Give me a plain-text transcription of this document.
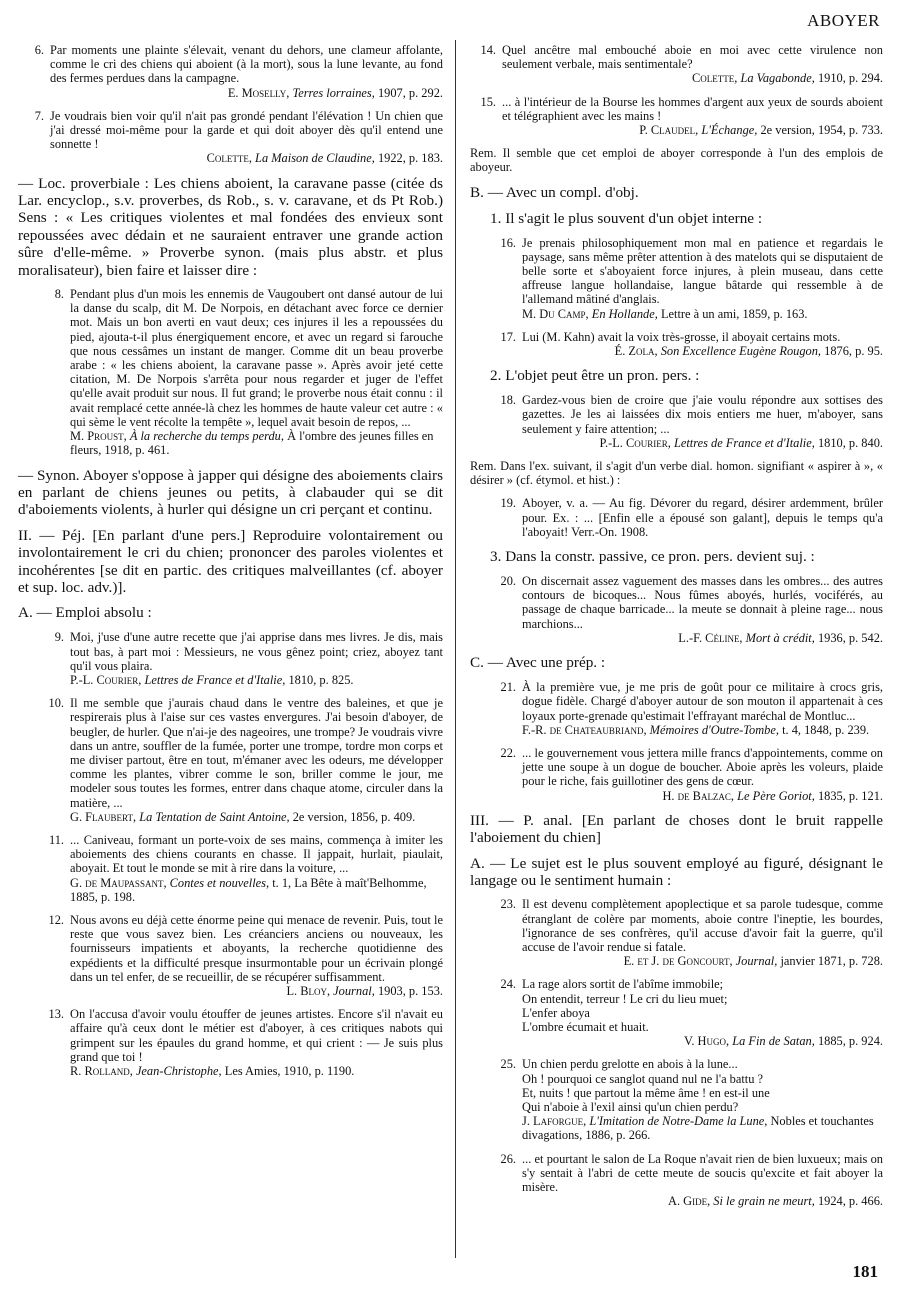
ABOYER
6. Par moments une plainte s'élevait, venant du dehors, une clameur affolante, comme le cri des chiens qui aboient (à la mort), sous la lune levante, au fond des fermes perdues dans la campagne.
E. Moselly, Terres lorraines, 1907, p. 292.
7. Je voudrais bien voir qu'il n'ait pas grondé pendant l'élévation ! Un chien que j'ai dressé moi-même pour la garde et qui doit aboyer dès qu'il entend une sonnette !
Colette, La Maison de Claudine, 1922, p. 183.

— Loc. proverbiale : Les chiens aboient, la caravane passe (citée ds Lar. encyclop., s.v. proverbes, ds Rob., s. v. caravane, et ds Pt Rob.) Sens : « Les critiques violentes et mal fondées des envieux sont repoussées avec dédain et ne sauraient entraver une grande action sûre d'elle-même. » Proverbe synon. (mais plus abstr. et plus moralisateur), bien faire et laisser dire :

8. Pendant plus d'un mois les ennemis de Vaugoubert ont dansé autour de lui la danse du scalp, dit M. De Norpois, en détachant avec force ce dernier mot. Mais un bon averti en vaut deux; ces injures il les a repoussées du pied, ajouta-t-il plus énergiquement encore, et avec un regard si farouche que nous cessâmes un instant de manger. Comme dit un beau proverbe arabe : « les chiens aboient, la caravane passe ». Après avoir jeté cette citation, M. De Norpois s'arrêta pour nous regarder et juger de l'effet qu'elle avait produit sur nous. Il fut grand; le proverbe nous était connu : il avait remplacé cette année-là chez les hommes de haute valeur cet autre : « qui sème le vent récolte la tempête », lequel avait besoin de repos, ...
M. Proust, À la recherche du temps perdu, À l'ombre des jeunes filles en fleurs, 1918, p. 461.

— Synon. Aboyer s'oppose à japper qui désigne des aboiements clairs en parlant de chiens jeunes ou petits, à clabauder qui se dit d'aboiements violents, à hurler qui désigne un cri perçant et continu.

II. — Péj. [En parlant d'une pers.] Reproduire volontairement ou involontairement le cri du chien; prononcer des paroles violentes et incohérentes [se dit en partic. des critiques malveillantes (cf. aboyer et sup. loc. adv.)].

A. — Emploi absolu :

9. Moi, j'use d'une autre recette que j'ai apprise dans mes livres. Je dis, mais tout bas, à part moi : Messieurs, ne vous gênez point; criez, aboyez tant qu'il vous plaira.
P.-L. Courier, Lettres de France et d'Italie, 1810, p. 825.
10. Il me semble que j'aurais chaud dans le ventre des baleines, et que je respirerais plus à l'aise sur ces vastes envergures. J'ai besoin d'aboyer, de beugler, de hurler. Que n'ai-je des nageoires, une trompe? Je voudrais vivre dans un antre, souffler de la fumée, porter une trompe, tordre mon corps et me diviser partout, être en tout, m'émaner avec les odeurs, me développer comme les plantes, vibrer comme le son, briller comme le jour, me modeler sous toutes les formes, entrer dans chaque atome, circuler dans la matière, ...
G. Flaubert, La Tentation de Saint Antoine, 2e version, 1856, p. 409.
11. ... Caniveau, formant un porte-voix de ses mains, commença à imiter les aboiements des chiens courants en chasse. Il jappait, hurlait, piaulait, aboyait. Et tout le monde se mit à rire dans la voiture, ...
G. de Maupassant, Contes et nouvelles, t. 1, La Bête à maît'Belhomme, 1885, p. 198.
12. Nous avons eu déjà cette énorme peine qui menace de revenir. Puis, tout le reste que vous savez bien. Les créanciers anciens ou nouveaux, les fournisseurs impatients et aboyants, la recherche quotidienne des expédients et la difficulté presque insurmontable pour un écrivain plongé dans un tel enfer, de se recueillir, de se récupérer suffisamment.
L. Bloy, Journal, 1903, p. 153.
13. On l'accusa d'avoir voulu étouffer de jeunes artistes. Encore s'il n'avait eu affaire qu'à ceux dont le métier est d'aboyer, à ces critiques nabots qui grimpent sur les épaules du grand homme, et qui crient : — Je suis plus grand que toi !
R. Rolland, Jean-Christophe, Les Amies, 1910, p. 1190.
14. Quel ancêtre mal embouché aboie en moi avec cette virulence non seulement verbale, mais sentimentale?
Colette, La Vagabonde, 1910, p. 294.
15. ... à l'intérieur de la Bourse les hommes d'argent aux yeux de sourds aboient et télégraphient avec les mains !
P. Claudel, L'Échange, 2e version, 1954, p. 733.

Rem. Il semble que cet emploi de aboyer corresponde à l'un des emplois de aboyeur.

B. — Avec un compl. d'obj.

1. Il s'agit le plus souvent d'un objet interne :

16. Je prenais philosophiquement mon mal en patience et regardais le paysage, sans même prêter attention à des matelots qui se disputaient de belle sorte et s'aboyaient force injures, à plein museau, dans cette affreuse langue hollandaise, langue bâtarde qui ressemble à de l'allemand mâtiné d'anglais.
M. Du Camp, En Hollande, Lettre à un ami, 1859, p. 163.
17. Lui (M. Kahn) avait la voix très-grosse, il aboyait certains mots.
É. Zola, Son Excellence Eugène Rougon, 1876, p. 95.

2. L'objet peut être un pron. pers. :

18. Gardez-vous bien de croire que j'aie voulu répondre aux sottises des gazettes. Je les ai laissées dix mois entiers me huer, m'aboyer, sans seulement y faire attention; ...
P.-L. Courier, Lettres de France et d'Italie, 1810, p. 840.

Rem. Dans l'ex. suivant, il s'agit d'un verbe dial. homon. signifiant « aspirer à », « désirer » (cf. étymol. et hist.) :

19. Aboyer, v. a. — Au fig. Dévorer du regard, désirer ardemment, brûler pour. Ex. : ... [Enfin elle a épousé son galant], depuis le temps qu'a l'aboyait! Verr.-On. 1908.

3. Dans la constr. passive, ce pron. pers. devient suj. :

20. On discernait assez vaguement des masses dans les ombres... des autres contours de bicoques... Nous fûmes aboyés, hurlés, vociférés, au passage de chaque barricade... la meute se donnait à pleine rage... nous marchions...
L.-F. Céline, Mort à crédit, 1936, p. 542.

C. — Avec une prép. :

21. À la première vue, je me pris de goût pour ce militaire à crocs gris, dogue fidèle. Chargé d'aboyer autour de son mouton il appartenait à ces loyaux porte-grenade qu'estimait l'effrayant maréchal de Montluc...
F.-R. de Chateaubriand, Mémoires d'Outre-Tombe, t. 4, 1848, p. 239.
22. ... le gouvernement vous jettera mille francs d'appointements, comme on jette une soupe à un dogue de boucher. Aboie après les voleurs, plaide pour le riche, fais guillotiner des gens de cœur.
H. de Balzac, Le Père Goriot, 1835, p. 121.

III. — P. anal. [En parlant de choses dont le bruit rappelle l'aboiement du chien]

A. — Le sujet est le plus souvent employé au figuré, désignant le langage ou le sentiment humain :

23. Il est devenu complètement apoplectique et sa parole tudesque, comme étranglant de colère par moments, aboie contre l'ineptie, les bourdes, l'ignorance de ses confrères, qu'il accuse d'avoir fait la guerre, qu'il accuse de l'avoir rendue si fatale.
E. et J. de Goncourt, Journal, janvier 1871, p. 728.
24. La rage alors sortit de l'abîme immobile;
On entendit, terreur ! Le cri du lieu muet;
L'enfer aboya
L'ombre écumait et huait.
V. Hugo, La Fin de Satan, 1885, p. 924.
25. Un chien perdu grelotte en abois à la lune...
Oh ! pourquoi ce sanglot quand nul ne l'a battu ?
Et, nuits ! que partout la même âme ! en est-il une
Qui n'aboie à l'exil ainsi qu'un chien perdu?
J. Laforgue, L'Imitation de Notre-Dame la Lune, Nobles et touchantes divagations, 1886, p. 266.
26. ... et pourtant le salon de La Roque n'avait rien de bien luxueux; mais on s'y sentait à l'abri de cette meute de soucis qu'excite et fait aboyer la misère.
A. Gide, Si le grain ne meurt, 1924, p. 466.
181
